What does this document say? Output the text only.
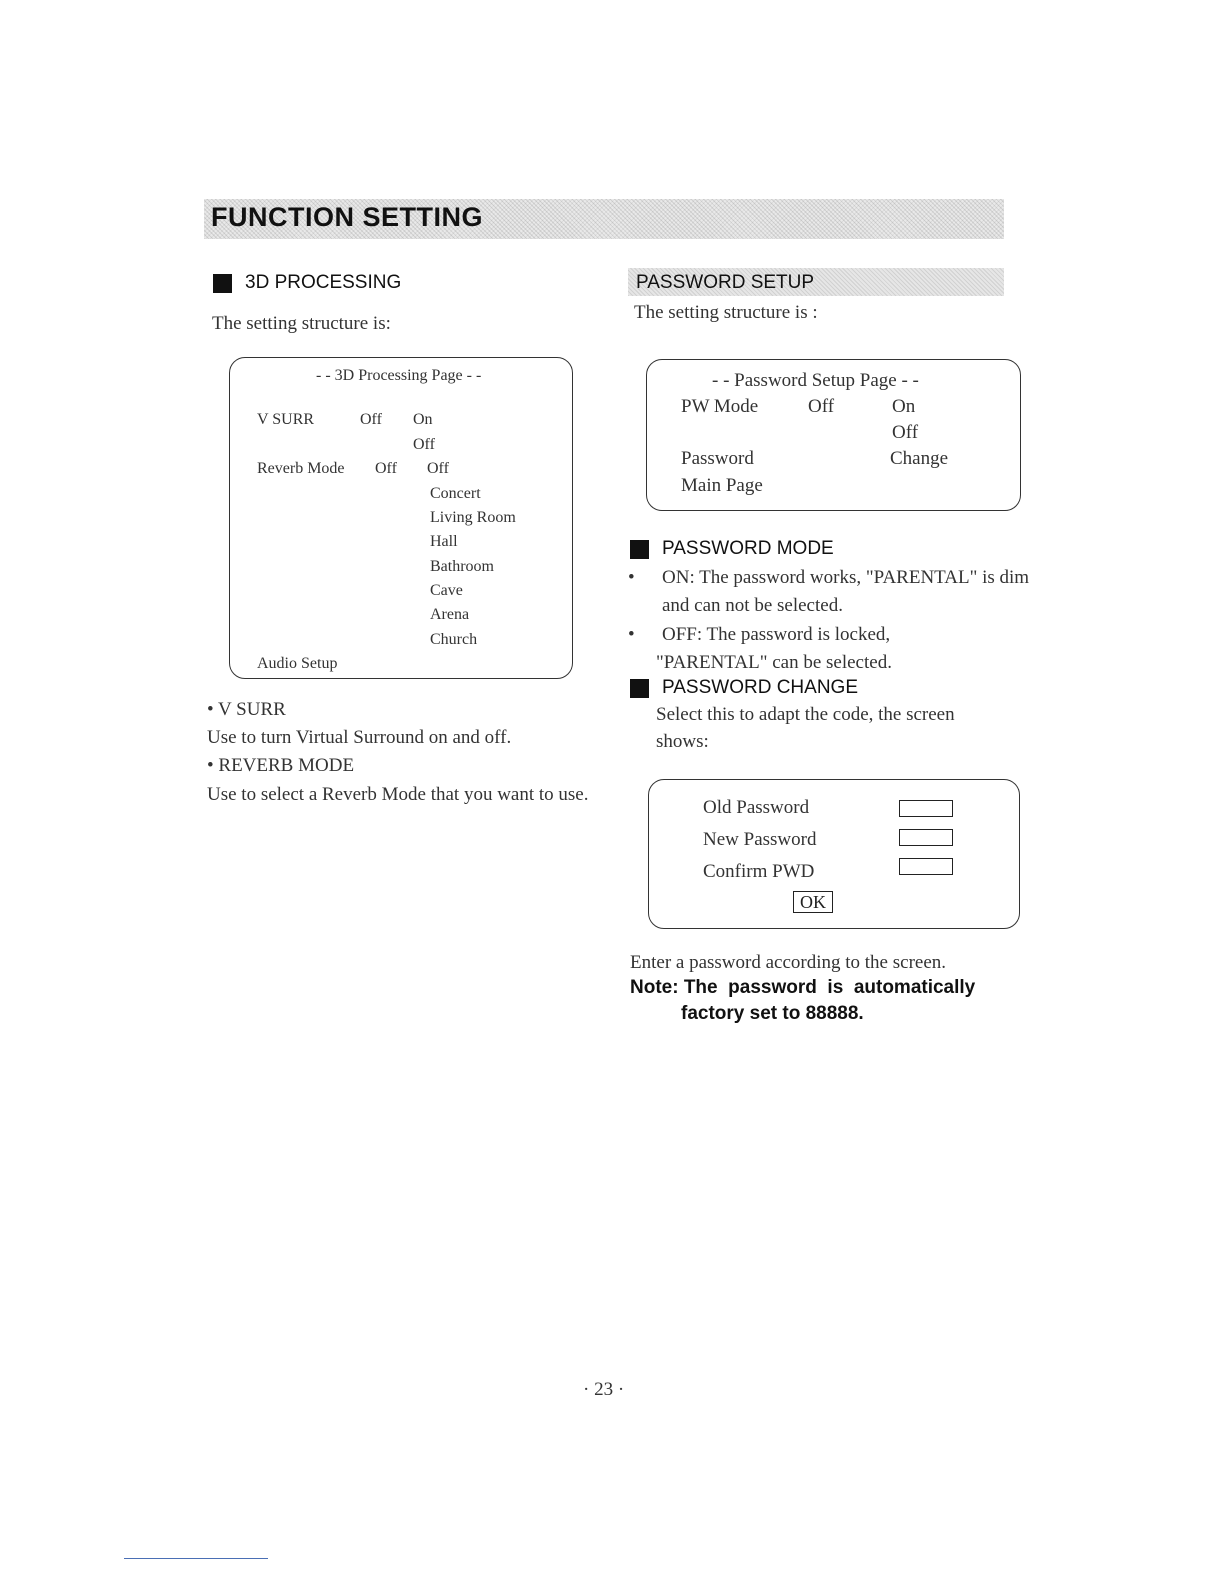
FUNCTION SETTING
3D PROCESSING
The setting structure is:
- - 3D Processing Page - -
V SURR	Off On
Off
Reverb Mode Off Off
Concert
Living Room
Hall
Bathroom
Cave
Arena
Church
Audio Setup
• V SURR
Use to turn Virtual Surround on and off.
• REVERB MODE
Use to select a Reverb Mode that you want to use.
PASSWORD SETUP
The setting structure is :
- - Password Setup Page - -
PW Mode	Off	On
Off
Password	Change
Main Page
PASSWORD MODE
• ON: The password works, "PARENTAL" is dim
and can not be selected.
• OFF: The password is locked,
"PARENTAL" can be selected.
PASSWORD CHANGE
Select this to adapt the code, the screen
shows:
Old Password
New Password
Confirm PWD
OK
Enter a password according to the screen.
Note: The  password  is  automatically
factory set to 88888.
· 23 ·
